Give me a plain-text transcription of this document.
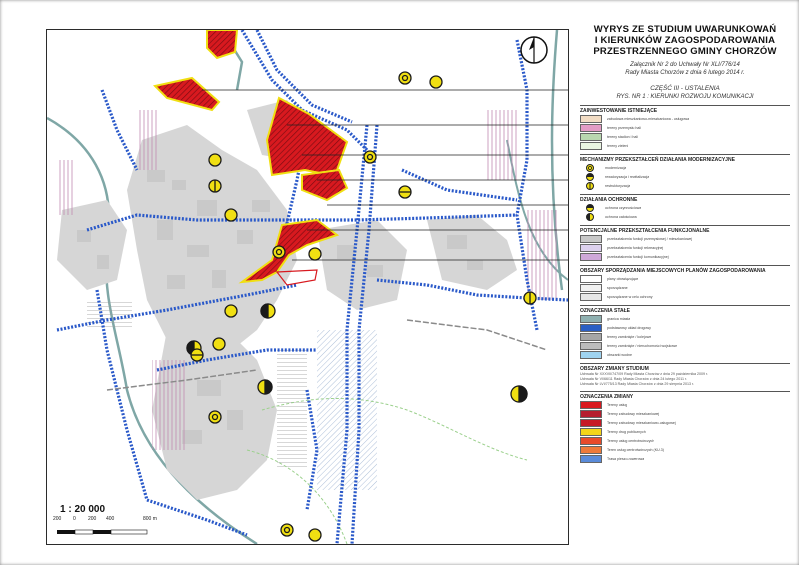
1 : 20 000
200 0 200 400	800 m
WYRYS ZE STUDIUM UWARUNKOWAŃ
I KIERUNKÓW ZAGOSPODAROWANIA
PRZESTRZENNEGO GMINY CHORZÓW
Załącznik Nr 2 do Uchwały Nr XLI/776/14
Rady Miasta Chorzów z dnia 6 lutego 2014 r.
CZĘŚĆ III - USTALENIA
RYS. NR 1 : KIERUNKI ROZWOJU KOMUNIKACJI
ZAINWESTOWANIE ISTNIEJĄCE
zabudowa mieszkaniowo-mieszkaniowa - usługowa
tereny przemysłu hali
tereny stadion i hali
tereny zieleni
MECHANIZMY PRZEKSZTAŁCEŃ DZIAŁANIA MODERNIZACYJNE
modernizacja
rewaloryzacja i rewitalizacja
restrukturyzacja
DZIAŁANIA OCHRONNE
ochrona czynnościowa
ochrona całościowa
POTENCJALNE PRZEKSZTAŁCENIA FUNKCJONALNE
przekształcenia funkcji przemysłowej / mieszkaniowej
przekształcenia funkcji rekreacyjnej
przekształcenia funkcji komunikacyjnej
OBSZARY SPORZĄDZANIA MIEJSCOWYCH PLANÓW ZAGOSPODAROWANIA
plany obowiązujące
sporządzane
sporządzane w celu ochrony
OZNACZENIA STAŁE
granica miasta
podstawowy układ drogowy
tereny zamknięte / kolejowe
tereny zamknięte / nieruchomości wojskowe
obszarki wodne
OBSZARY ZMIANY STUDIUM
Uchwała Nr XXXVII/747/09 Rady Miasta Chorzów z dnia 29 października 2009 r.
Uchwała Nr VI/66/11 Rady Miasta Chorzów z dnia 24 lutego 2011 r.
Uchwała Nr LVI/775/13 Rady Miasta Chorzów z dnia 29 sierpnia 2013 r.
OZNACZENIA ZMIANY
Tereny usług
Tereny zabudowy mieszkaniowej
Tereny zabudowy mieszkaniowo-usługowej
Tereny drug publicznych
Tereny usług centrotwórczych
Teren usług centrotwórczych (KU.3)
Trasa pieszo-rowerowa
